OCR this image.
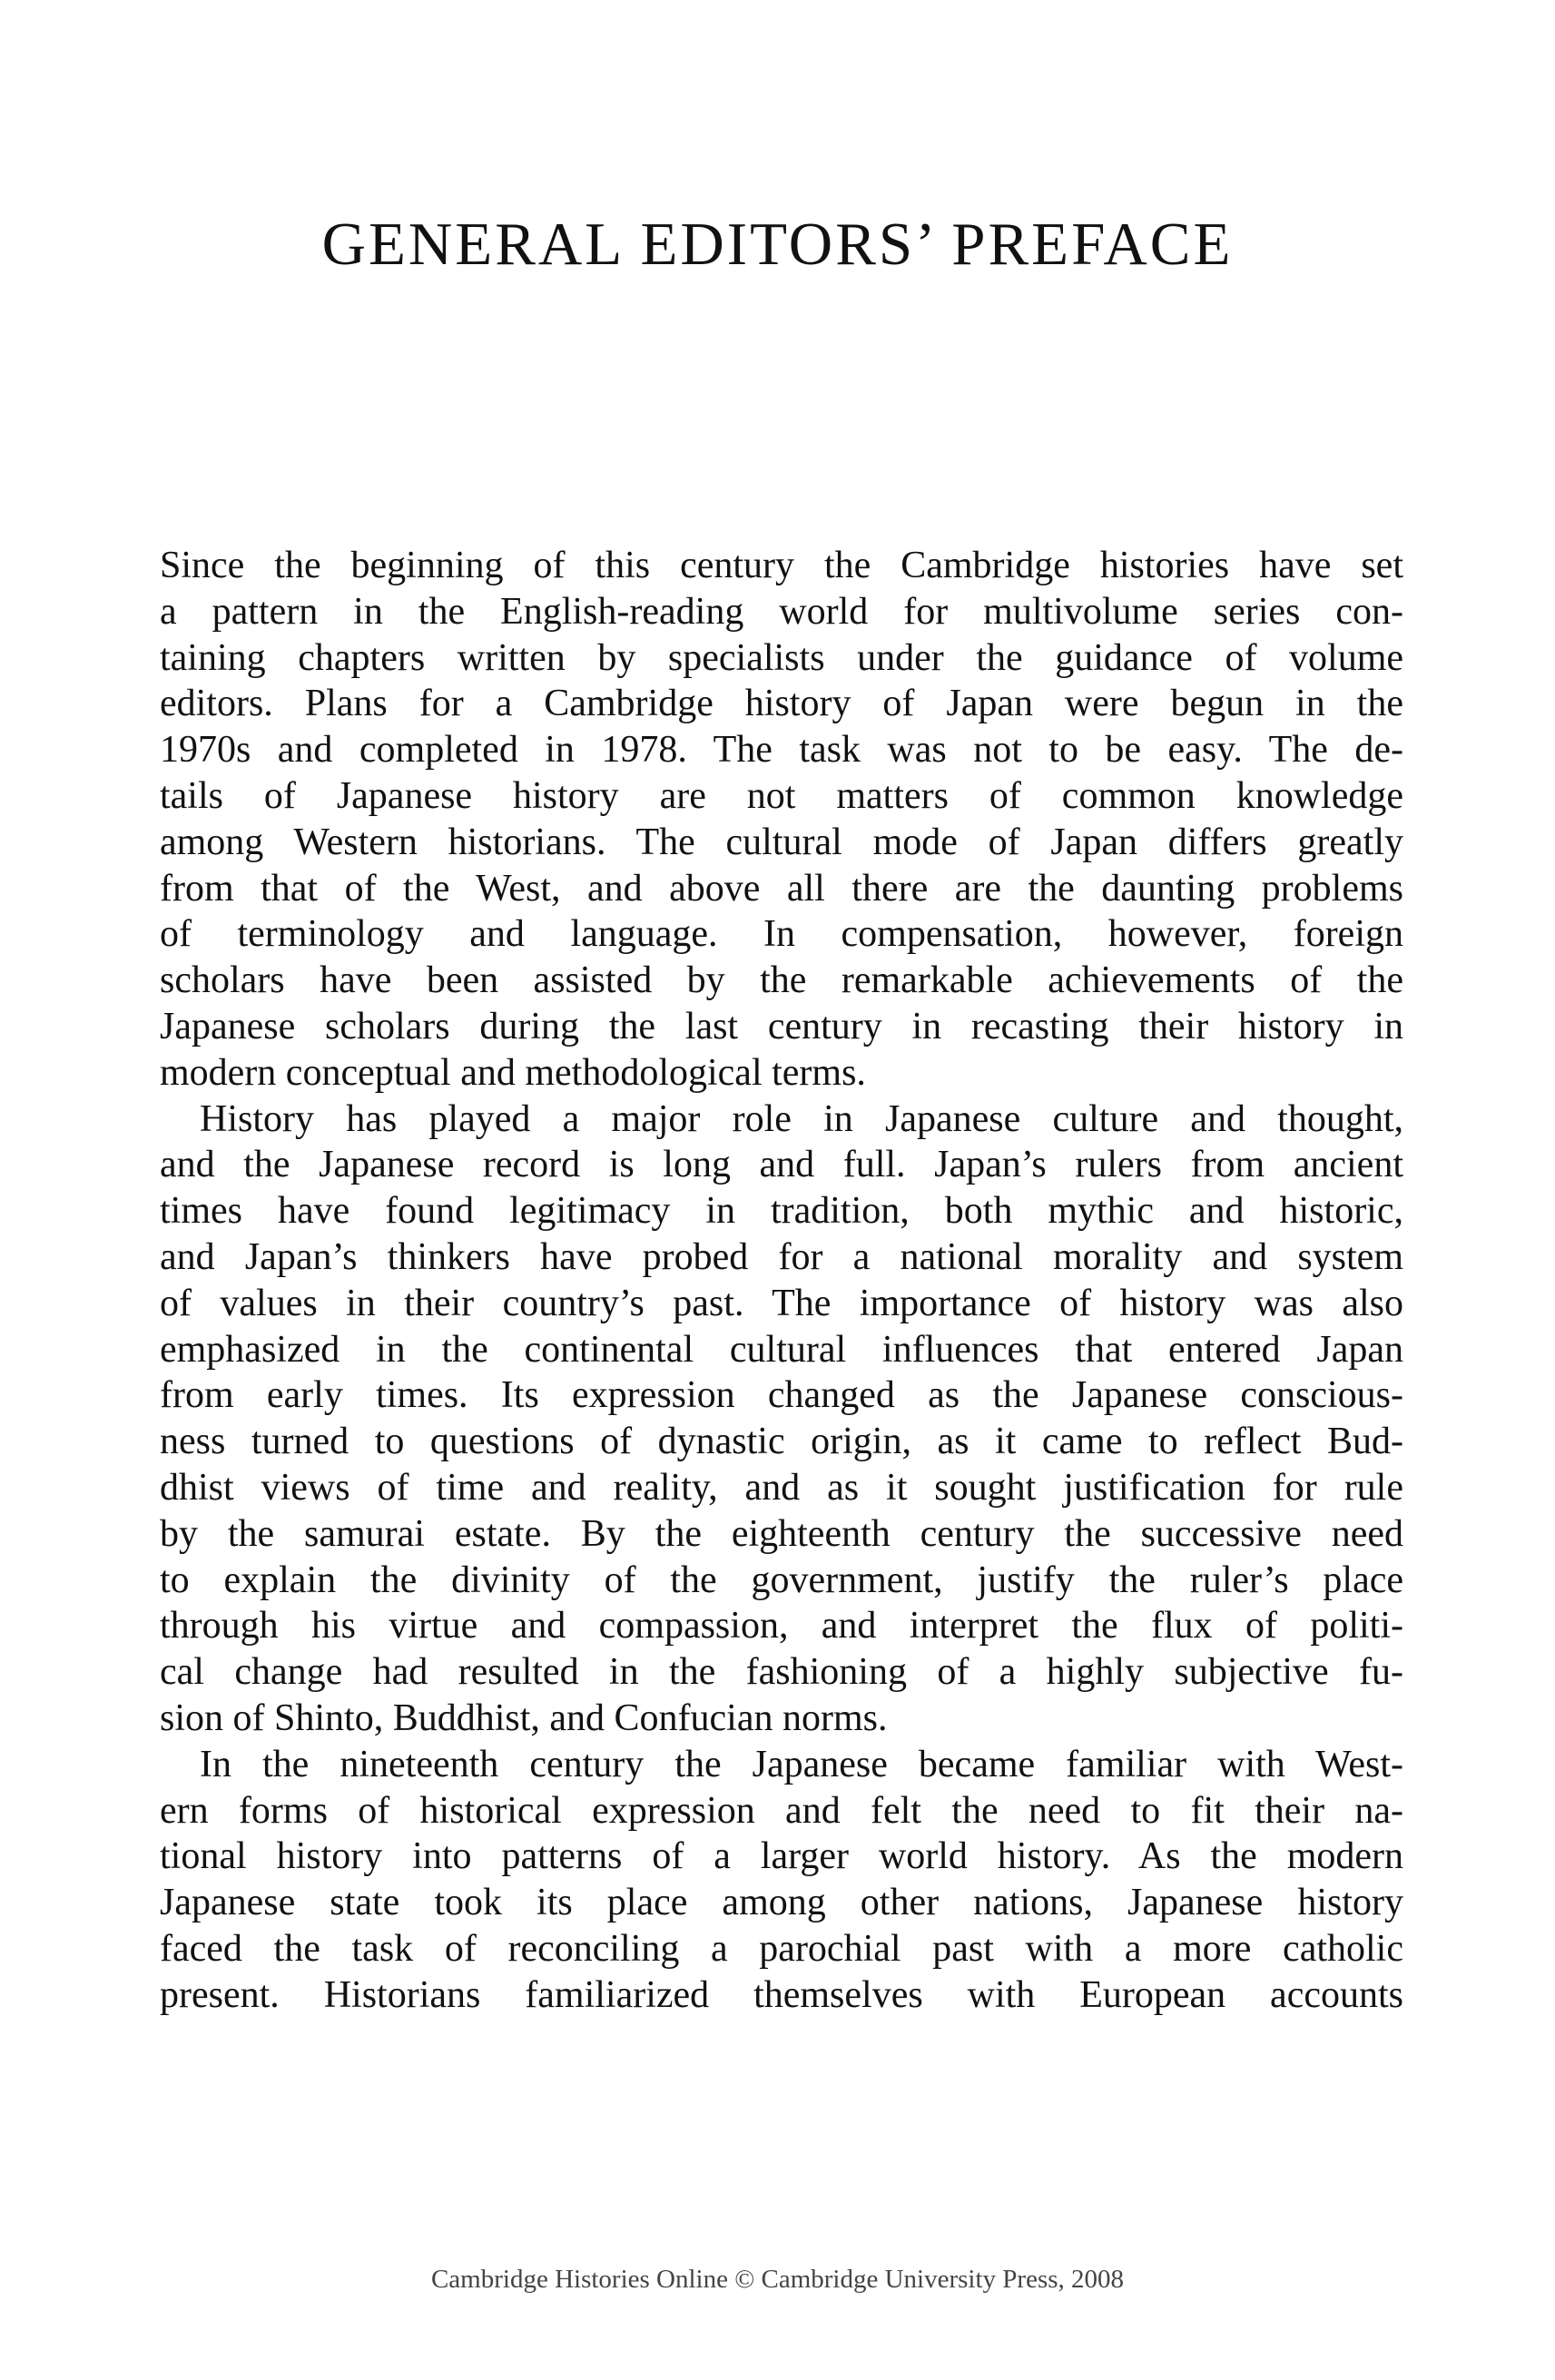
GENERAL EDITORS’ PREFACE
Since the beginning of this century the Cambridge histories have set
a pattern in the English-reading world for multivolume series con-
taining chapters written by specialists under the guidance of volume
editors. Plans for a Cambridge history of Japan were begun in the
1970s and completed in 1978. The task was not to be easy. The de-
tails of Japanese history are not matters of common knowledge
among Western historians. The cultural mode of Japan differs greatly
from that of the West, and above all there are the daunting problems
of terminology and language. In compensation, however, foreign
scholars have been assisted by the remarkable achievements of the
Japanese scholars during the last century in recasting their history in
modern conceptual and methodological terms.
History has played a major role in Japanese culture and thought,
and the Japanese record is long and full. Japan’s rulers from ancient
times have found legitimacy in tradition, both mythic and historic,
and Japan’s thinkers have probed for a national morality and system
of values in their country’s past. The importance of history was also
emphasized in the continental cultural influences that entered Japan
from early times. Its expression changed as the Japanese conscious-
ness turned to questions of dynastic origin, as it came to reflect Bud-
dhist views of time and reality, and as it sought justification for rule
by the samurai estate. By the eighteenth century the successive need
to explain the divinity of the government, justify the ruler’s place
through his virtue and compassion, and interpret the flux of politi-
cal change had resulted in the fashioning of a highly subjective fu-
sion of Shinto, Buddhist, and Confucian norms.
In the nineteenth century the Japanese became familiar with West-
ern forms of historical expression and felt the need to fit their na-
tional history into patterns of a larger world history. As the modern
Japanese state took its place among other nations, Japanese history
faced the task of reconciling a parochial past with a more catholic
present. Historians familiarized themselves with European accounts

Cambridge Histories Online © Cambridge University Press, 2008
